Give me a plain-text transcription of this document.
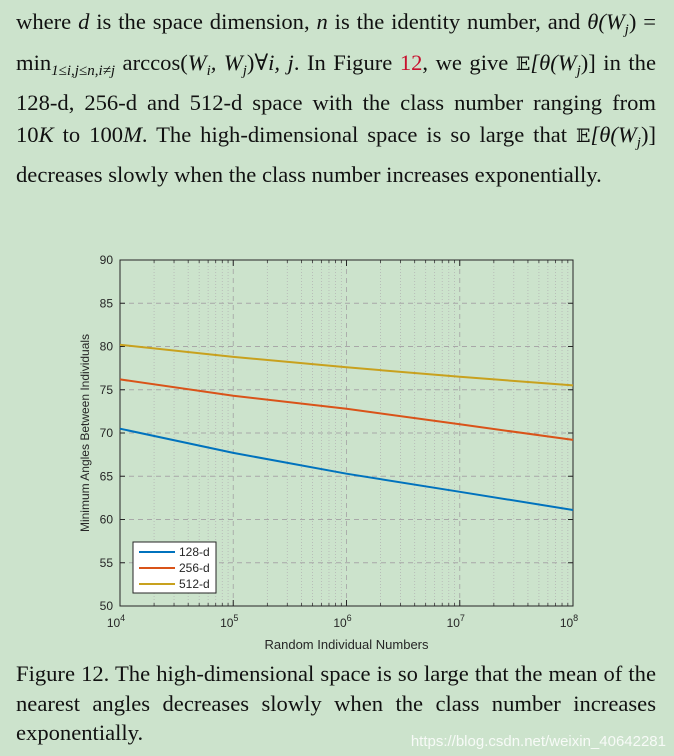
where d is the space dimension, n is the identity number, and $\theta(W_j) = \min_{1\le i,j\le n,i\ne j} \arccos(W_i$, $W_j)\forall i$, j. In Figure 12, we give $𝔼[\theta(W_j)]$ in the 128-d, 256-d and 512-d space with the class number ranging from 10K to 100M. The high-dimensional space is so large that $𝔼[\theta(W_j)]$ decreases slowly when the class number increases exponentially.

50
55
60
65
70
75
80
85
90
$10^4$	$10^5$	$10^6$	$10^7$	$10^8$
Random Individual Numbers
Minimum Angles Between Individuals
128-d
256-d
512-d

Figure 12. The high-dimensional space is so large that the mean of the nearest angles decreases slowly when the class number increases exponentially.	https://blog.csdn.net/weixin_40642281
